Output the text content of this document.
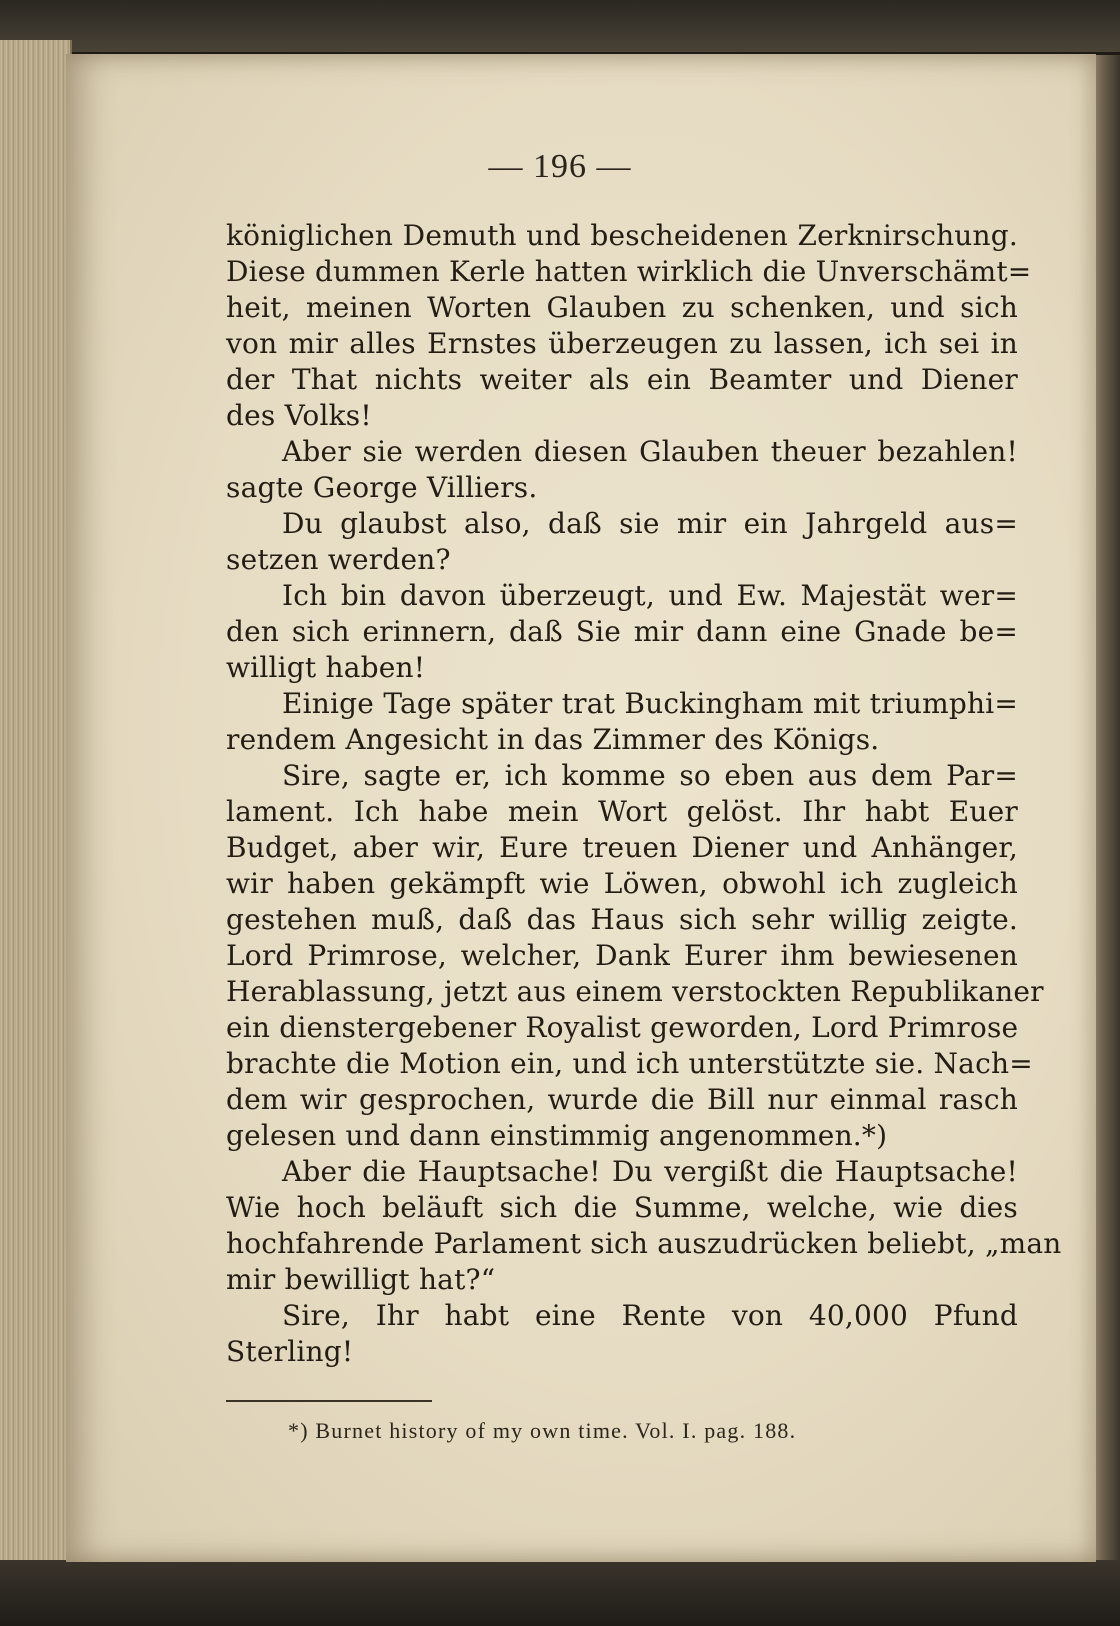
— 196 —
königlichen Demuth und bescheidenen Zerknirschung.
Diese dummen Kerle hatten wirklich die Unverschämt=
heit, meinen Worten Glauben zu schenken, und sich
von mir alles Ernstes überzeugen zu lassen, ich sei in
der That nichts weiter als ein Beamter und Diener
des Volks!
Aber sie werden diesen Glauben theuer bezahlen!
sagte George Villiers.
Du glaubst also, daß sie mir ein Jahrgeld aus=
setzen werden?
Ich bin davon überzeugt, und Ew. Majestät wer=
den sich erinnern, daß Sie mir dann eine Gnade be=
willigt haben!
Einige Tage später trat Buckingham mit triumphi=
rendem Angesicht in das Zimmer des Königs.
Sire, sagte er, ich komme so eben aus dem Par=
lament. Ich habe mein Wort gelöst. Ihr habt Euer
Budget, aber wir, Eure treuen Diener und Anhänger,
wir haben gekämpft wie Löwen, obwohl ich zugleich
gestehen muß, daß das Haus sich sehr willig zeigte.
Lord Primrose, welcher, Dank Eurer ihm bewiesenen
Herablassung, jetzt aus einem verstockten Republikaner
ein dienstergebener Royalist geworden, Lord Primrose
brachte die Motion ein, und ich unterstützte sie. Nach=
dem wir gesprochen, wurde die Bill nur einmal rasch
gelesen und dann einstimmig angenommen.*)
Aber die Hauptsache! Du vergißt die Hauptsache!
Wie hoch beläuft sich die Summe, welche, wie dies
hochfahrende Parlament sich auszudrücken beliebt, „man
mir bewilligt hat?“
Sire, Ihr habt eine Rente von 40,000 Pfund
Sterling!
*) Burnet history of my own time. Vol. I. pag. 188.
